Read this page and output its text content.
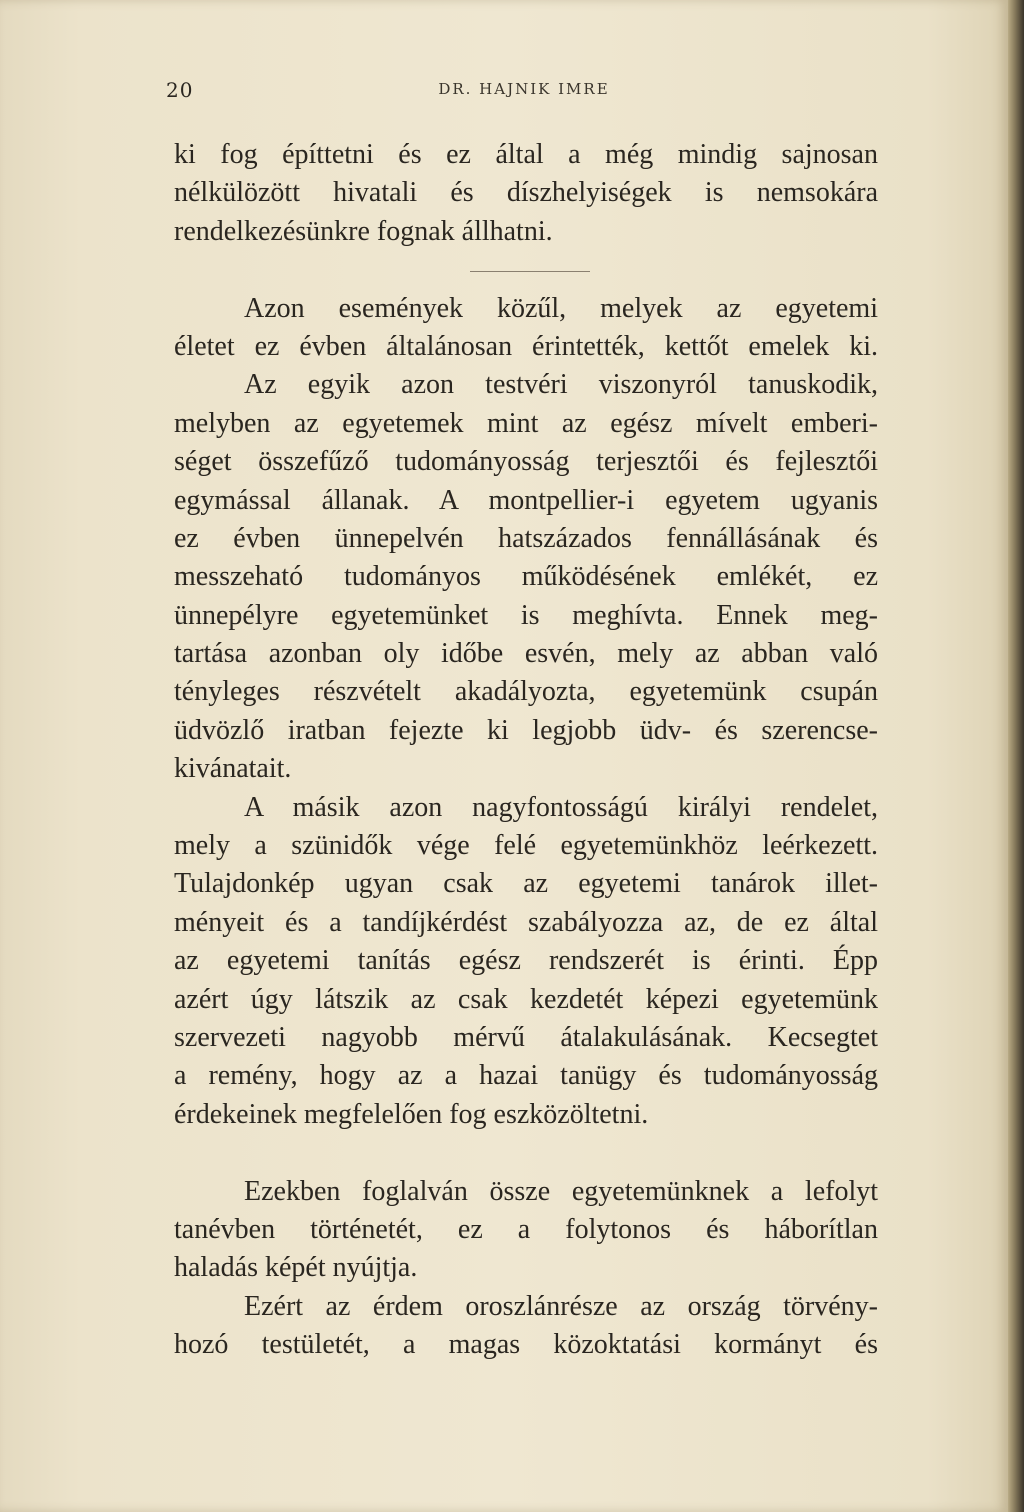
20	DR. HAJNIK IMRE
ki fog építtetni és ez által a még mindig sajnosan
nélkülözött hivatali és díszhelyiségek is nemsokára
rendelkezésünkre fognak állhatni.
Azon események közűl, melyek az egyetemi
életet ez évben általánosan érintették, kettőt emelek ki.
Az egyik azon testvéri viszonyról tanuskodik,
melyben az egyetemek mint az egész mívelt emberi-
séget összefűző tudományosság terjesztői és fejlesztői
egymással állanak. A montpellier-i egyetem ugyanis
ez évben ünnepelvén hatszázados fennállásának és
messzeható tudományos működésének emlékét, ez
ünnepélyre egyetemünket is meghívta. Ennek meg-
tartása azonban oly időbe esvén, mely az abban való
tényleges részvételt akadályozta, egyetemünk csupán
üdvözlő iratban fejezte ki legjobb üdv- és szerencse-
kivánatait.
A másik azon nagyfontosságú királyi rendelet,
mely a szünidők vége felé egyetemünkhöz leérkezett.
Tulajdonkép ugyan csak az egyetemi tanárok illet-
ményeit és a tandíjkérdést szabályozza az, de ez által
az egyetemi tanítás egész rendszerét is érinti. Épp
azért úgy látszik az csak kezdetét képezi egyetemünk
szervezeti nagyobb mérvű átalakulásának. Kecsegtet
a remény, hogy az a hazai tanügy és tudományosság
érdekeinek megfelelően fog eszközöltetni.
Ezekben foglalván össze egyetemünknek a lefolyt
tanévben történetét, ez a folytonos és háborítlan
haladás képét nyújtja.
Ezért az érdem oroszlánrésze az ország törvény-
hozó testületét, a magas közoktatási kormányt és
